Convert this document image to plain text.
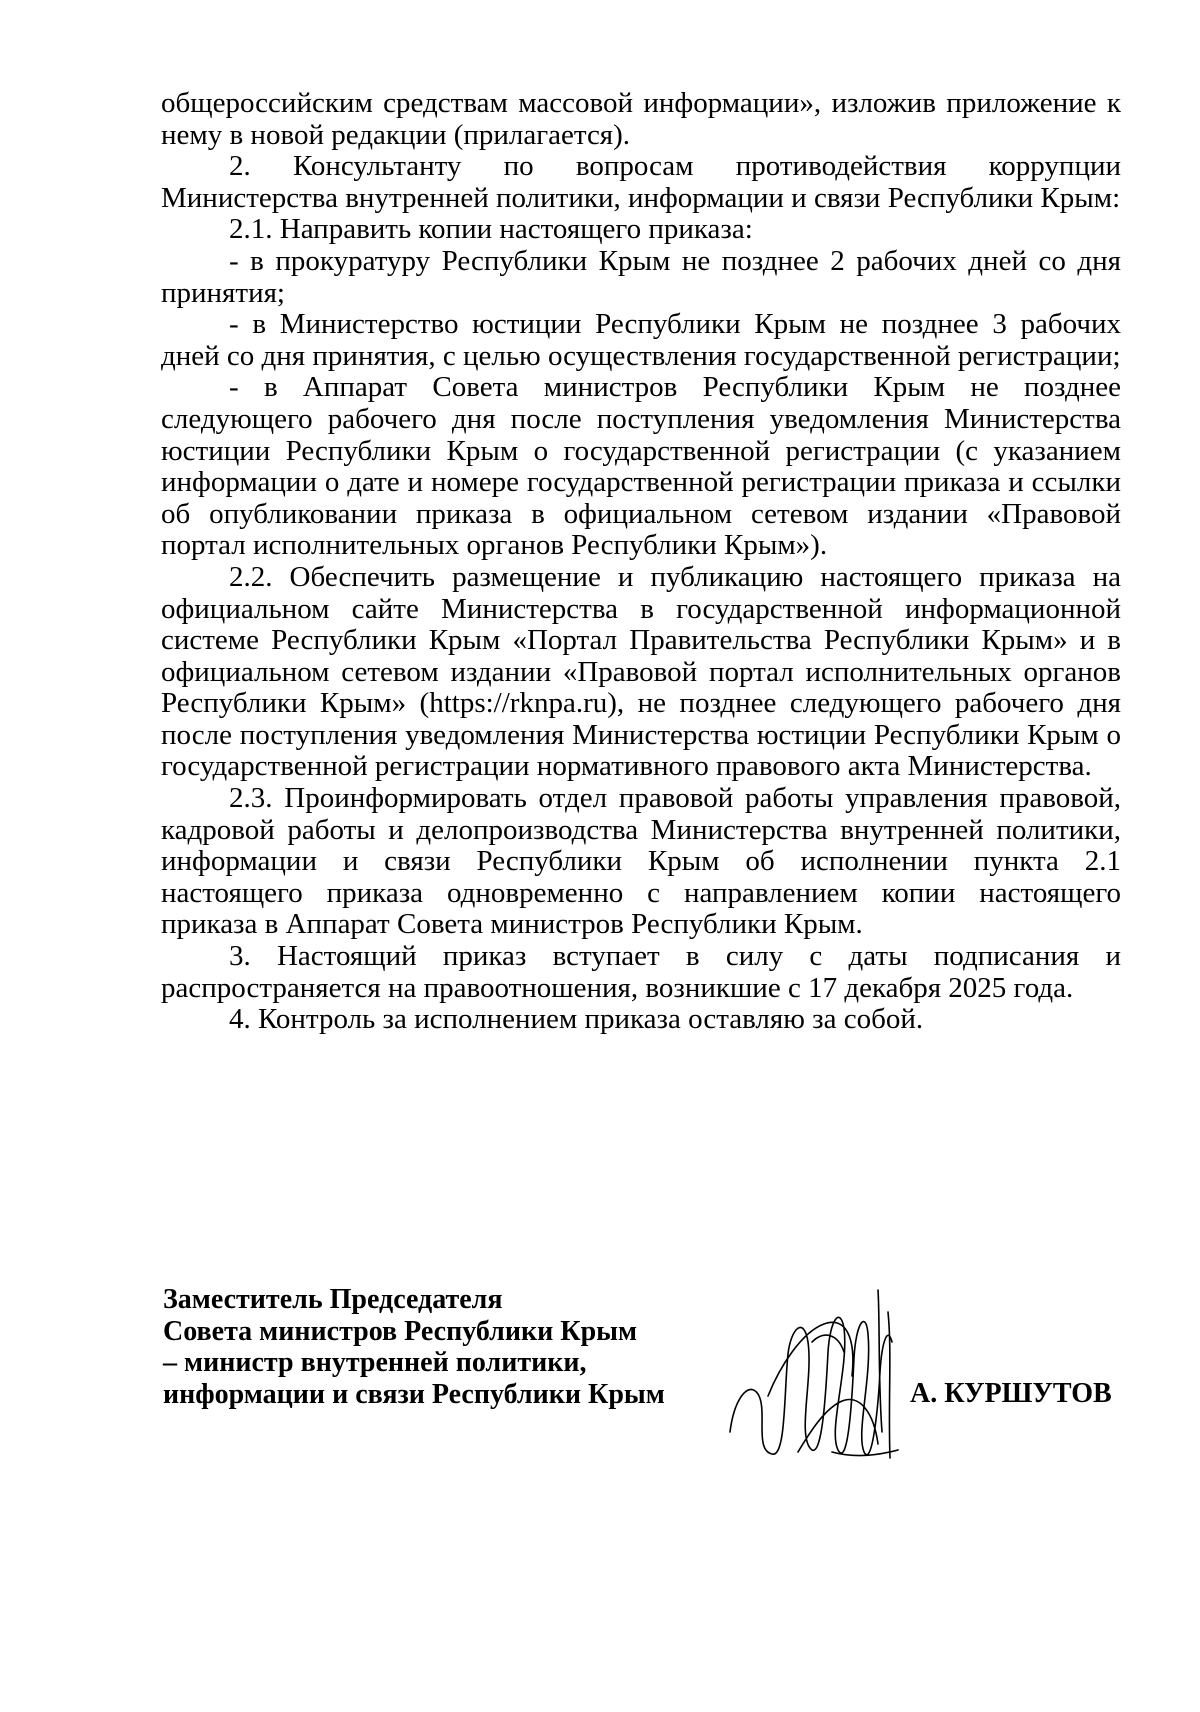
общероссийским средствам массовой информации», изложив приложение к нему в новой редакции (прилагается).

2. Консультанту по вопросам противодействия коррупции Министерства внутренней политики, информации и связи Республики Крым:

2.1. Направить копии настоящего приказа:

- в прокуратуру Республики Крым не позднее 2 рабочих дней со дня принятия;

- в Министерство юстиции Республики Крым не позднее 3 рабочих дней со дня принятия, с целью осуществления государственной регистрации;

- в Аппарат Совета министров Республики Крым не позднее следующего рабочего дня после поступления уведомления Министерства юстиции Республики Крым о государственной регистрации (с указанием информации о дате и номере государственной регистрации приказа и ссылки об опубликовании приказа в официальном сетевом издании «Правовой портал исполнительных органов Республики Крым»).

2.2. Обеспечить размещение и публикацию настоящего приказа на официальном сайте Министерства в государственной информационной системе Республики Крым «Портал Правительства Республики Крым» и в официальном сетевом издании «Правовой портал исполнительных органов Республики Крым» (https://rknpa.ru), не позднее следующего рабочего дня после поступления уведомления Министерства юстиции Республики Крым о государственной регистрации нормативного правового акта Министерства.

2.3. Проинформировать отдел правовой работы управления правовой, кадровой работы и делопроизводства Министерства внутренней политики, информации и связи Республики Крым об исполнении пункта 2.1 настоящего приказа одновременно с направлением копии настоящего приказа в Аппарат Совета министров Республики Крым.

3. Настоящий приказ вступает в силу с даты подписания и распространяется на правоотношения, возникшие с 17 декабря 2025 года.

4. Контроль за исполнением приказа оставляю за собой.

Заместитель Председателя
Совета министров Республики Крым
– министр внутренней политики,
информации и связи Республики Крым	А. КУРШУТОВ
